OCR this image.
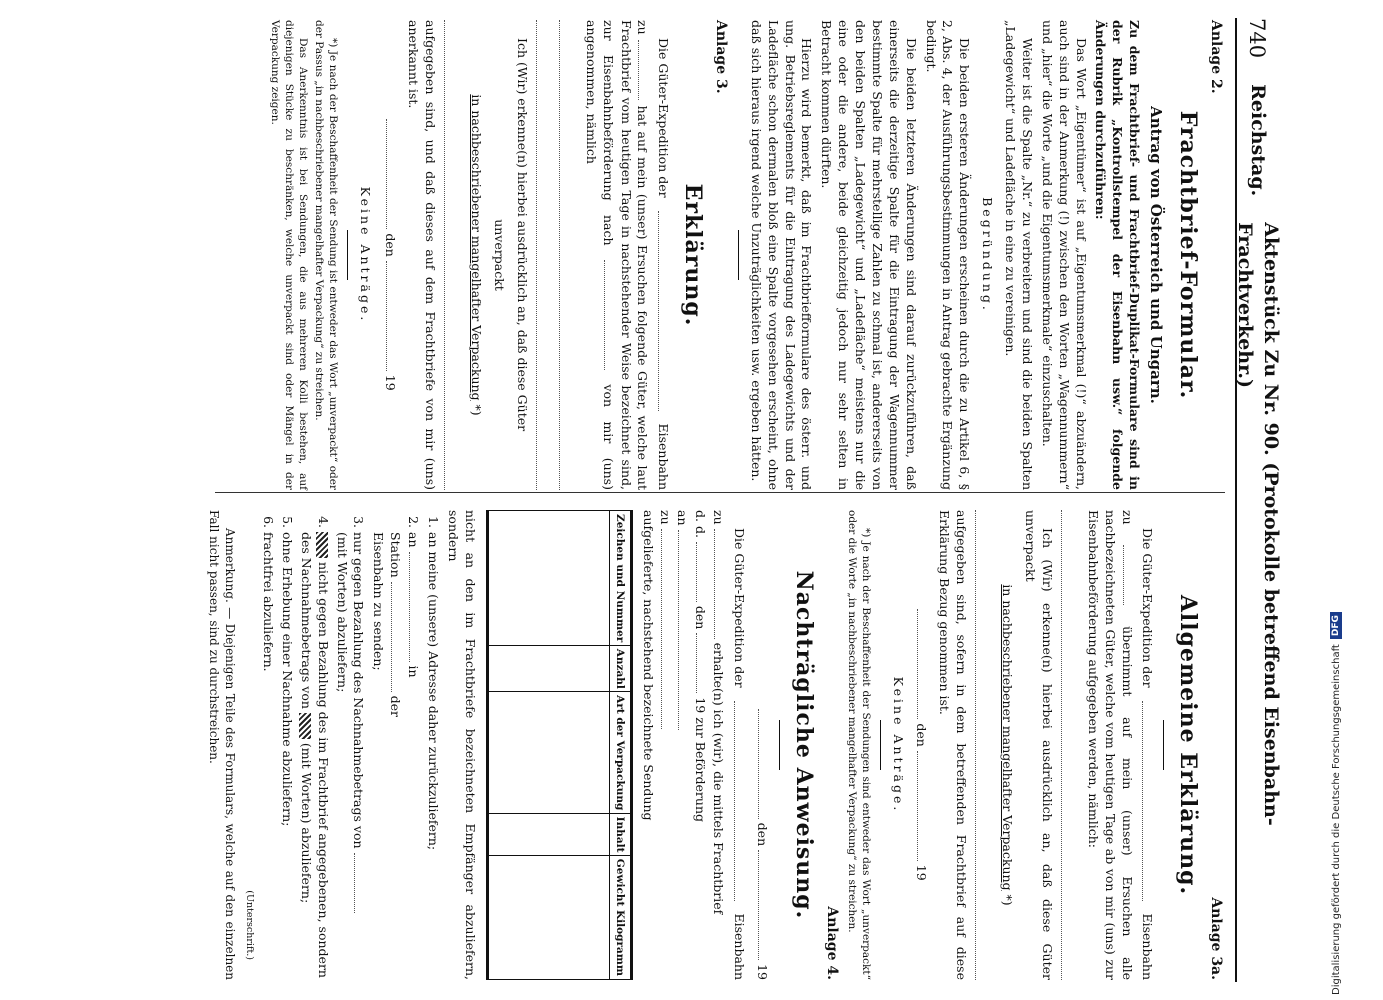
740
Reichstag.
Aktenstück Zu Nr. 90. (Protokolle betreffend Eisenbahn-Frachtverkehr.)
Anlage 2.
Frachtbrief-Formular.
Antrag von Österreich und Ungarn.
Zu dem Frachtbrief- und Frachtbrief-Duplikat-Formulare sind in der Rubrik „Kontrollstempel der Eisenbahn usw.“ folgende Änderungen durchzuführen:

Das Wort „Eigentümer“ ist auf „Eigentumsmerkmal (!)“ abzuändern, auch sind in der Anmerkung (!) zwischen den Worten „Wagennummern“ und „hier“ die Worte „und die Eigentumsmerkmale“ einzuschalten.

Weiter ist die Spalte „Nr.“ zu verbreitern und sind die beiden Spalten „Ladegewicht“ und Ladefläche in eine zu vereinigen.

Begründung.

Die beiden ersteren Änderungen erscheinen durch die zu Artikel 6, § 2, Abs. 4, der Ausführungsbestimmungen in Antrag gebrachte Ergänzung bedingt.

Die beiden letzteren Änderungen sind darauf zurückzuführen, daß einerseits die derzeitige Spalte für die Eintragung der Wagennummer bestimmte Spalte für mehrstellige Zahlen zu schmal ist, andererseits von den beiden Spalten „Ladegewicht“ und „Ladefläche“ meistens nur die eine oder die andere, beide gleichzeitig jedoch nur sehr selten in Betracht kommen dürften.

Hierzu wird bemerkt, daß im Frachtbriefformulare des österr. und ung. Betriebsreglements für die Eintragung des Ladegewichts und der Ladefläche schon dermalen bloß eine Spalte vorgesehen erscheint, ohne daß sich hieraus irgend welche Unzuträglichkeiten usw. ergeben hätten.

Anlage 3.
Erklärung.
Die Güter-Expedition der
Eisenbahn

zu  hat auf mein (unser) Ersuchen folgende Güter, welche laut Frachtbrief vom heutigen Tage in nachstehender Weise bezeichnet sind, zur Eisenbahnbeförderung nach  von mir (uns) angenommen, nämlich

Ich (Wir) erkenne(n) hierbei ausdrücklich an, daß diese Güter

unverpackt
in nachbeschriebener mangelhafter Verpackung *)

aufgegeben sind, und daß dieses auf dem Frachtbriefe von mir (uns) anerkannt ist.

den  19
Keine Anträge.

*) Je nach der Beschaffenheit der Sendung ist entweder das Wort „unverpackt“ oder der Passus „in nachbeschriebener mangelhafter Verpackung“ zu streichen.

Das Anerkenntnis ist bei Sendungen, die aus mehreren Kolli bestehen, auf diejenigen Stücke zu beschränken, welche unverpackt sind oder Mängel in der Verpackung zeigen.

Anlage 3a.
Allgemeine Erklärung.
Die Güter-Expedition der
Eisenbahn

zu  übernimmt auf mein (unser) Ersuchen alle nachbezeichneten Güter, welche vom heutigen Tage ab von mir (uns) zur Eisenbahnbeförderung aufgegeben werden, nämlich:

Ich (Wir) erkenne(n) hierbei ausdrücklich an, daß diese Güter unverpackt

in nachbeschriebener mangelhafter Verpackung *)

aufgegeben sind, sofern in dem betreffenden Frachtbrief auf diese Erklärung Bezug genommen ist.

den  19
Keine Anträge.

*) Je nach der Beschaffenheit der Sendungen sind entweder das Wort „unverpackt“ oder die Worte „in nachbeschriebener mangelhafter Verpackung“ zu streichen.

Anlage 4.
Nachträgliche Anweisung.
den  19
Die Güter-Expedition der
Eisenbahn

zu  erhalte(n) ich (wir), die mittels Frachtbrief
d. d.  den  19 zur Beförderung
an
zu
aufgelieferte, nachstehend bezeichnete Sendung

Zeichen und Nummer	Anzahl	Art der Verpackung	Inhalt	Gewicht Kilogramm

nicht an den im Frachtbriefe bezeichneten Empfänger abzuliefern, sondern

1. an meine (unsere) Adresse daher zurückzuliefern;
2. an  in
Station  der
Eisenbahn zu senden;
3. nur gegen Bezahlung des Nachnahmebetrags von
(mit Worten) abzuliefern;
4. nicht gegen Bezahlung des im Frachtbrief angegebenen, sondern des Nachnahmebetrags von  (mit Worten) abzuliefern;
5. ohne Erhebung einer Nachnahme abzuliefern;
6. frachtfrei abzuliefern.
(Unterschrift.)

Anmerkung. — Diejenigen Teile des Formulars, welche auf den einzelnen Fall nicht passen, sind zu durchstreichen.

Digitalisierung gefördert durch die Deutsche Forschungsgemeinschaft
DFG
